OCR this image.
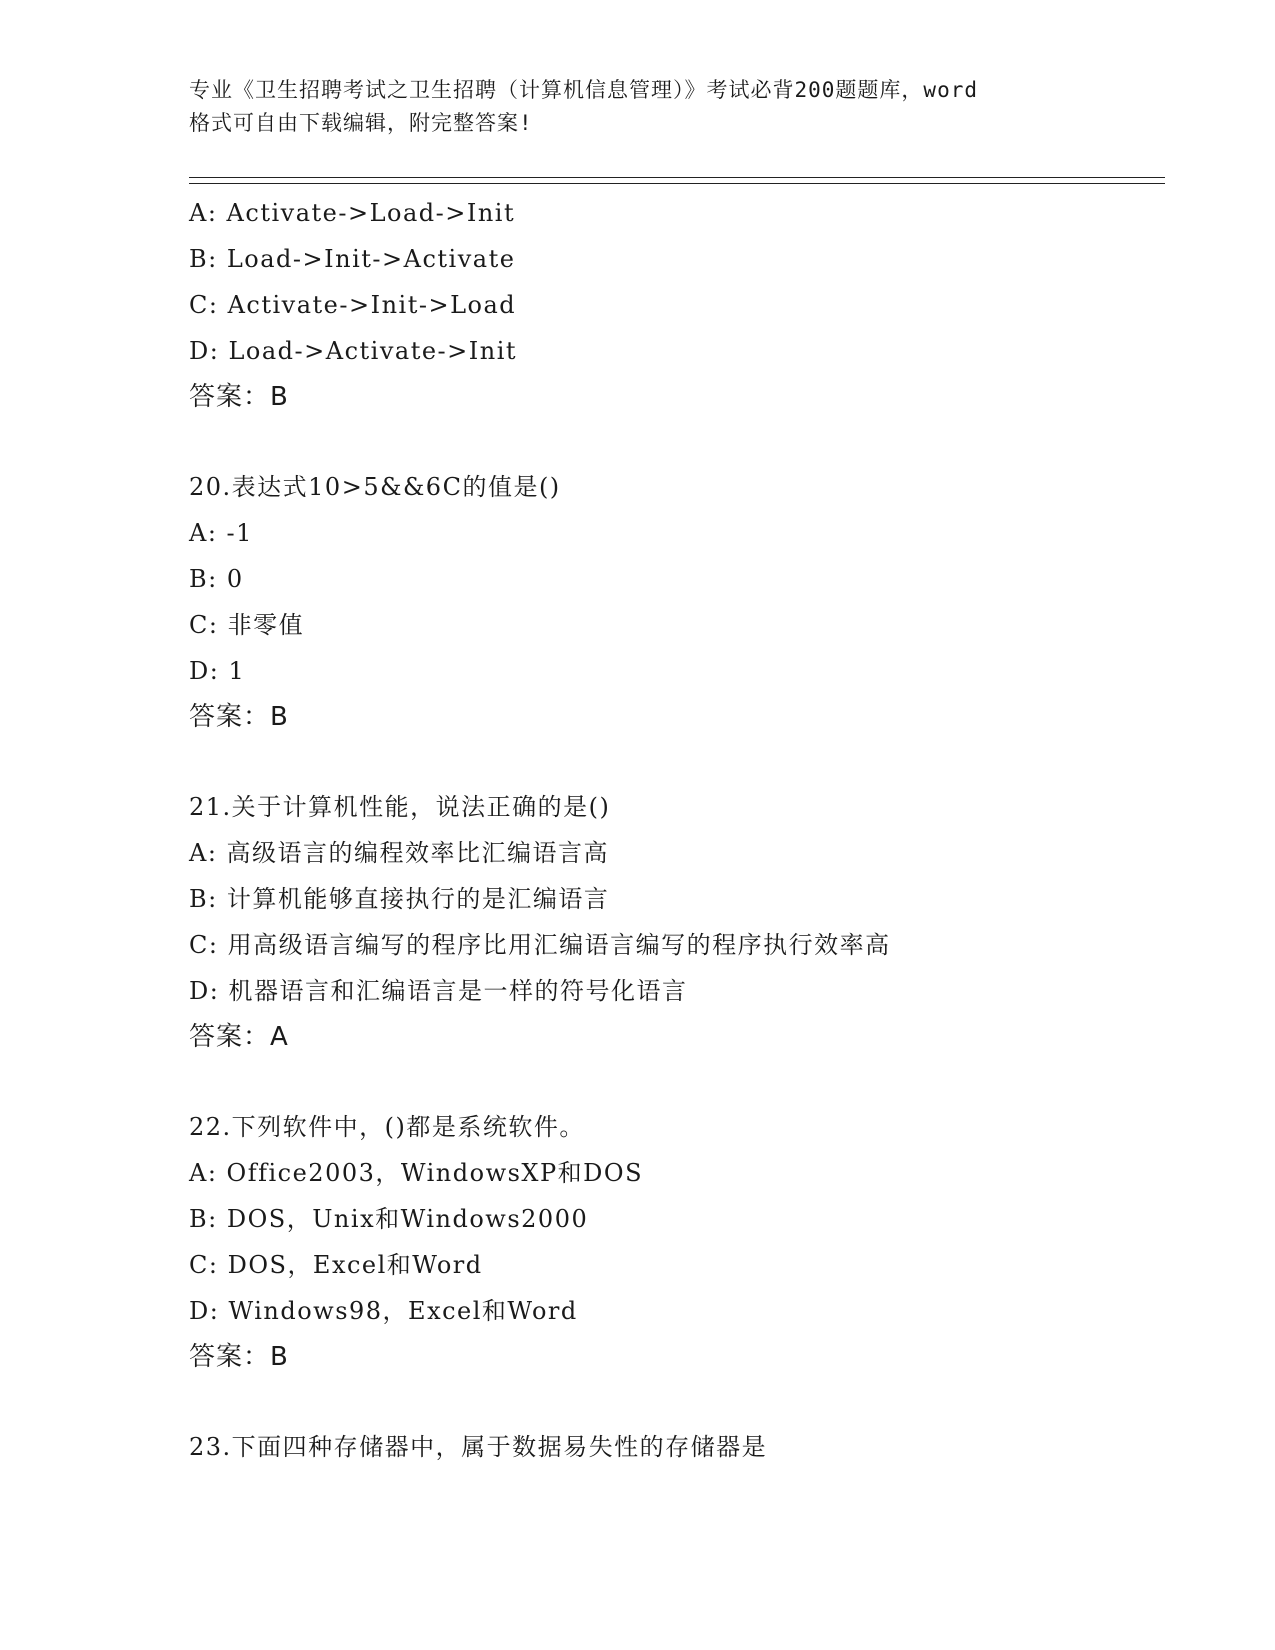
专业《卫生招聘考试之卫生招聘（计算机信息管理）》考试必背200题题库，word
格式可自由下载编辑，附完整答案!
A: Activate->Load->Init
B: Load->Init->Activate
C: Activate->Init->Load
D: Load->Activate->Init
答案：B
20.表达式10>5&&6C的值是()
A: -1
B: 0
C: 非零值
D: 1
答案：B
21.关于计算机性能，说法正确的是()
A: 高级语言的编程效率比汇编语言高
B: 计算机能够直接执行的是汇编语言
C: 用高级语言编写的程序比用汇编语言编写的程序执行效率高
D: 机器语言和汇编语言是一样的符号化语言
答案：A
22.下列软件中，()都是系统软件。
A: Office2003，WindowsXP和DOS
B: DOS，Unix和Windows2000
C: DOS，Excel和Word
D: Windows98，Excel和Word
答案：B
23.下面四种存储器中，属于数据易失性的存储器是
